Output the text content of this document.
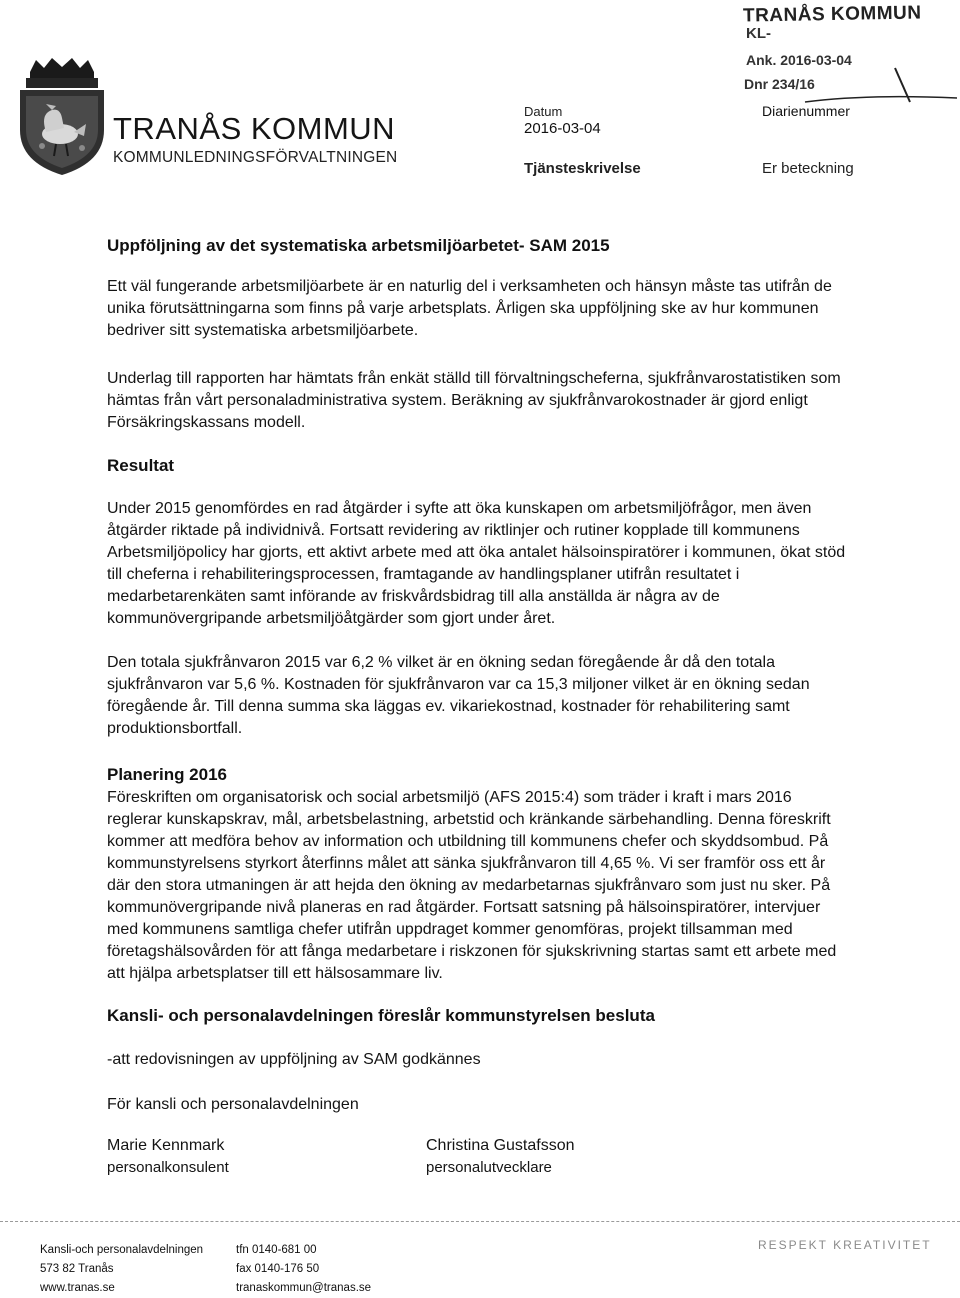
TRANÅS KOMMUN
KOMMUNLEDNINGSFÖRVALTNINGEN
Datum
2016-03-04
Tjänsteskrivelse
TRANÅS KOMMUN
KL-
Ank. 2016-03-04
Dnr 234/16
Diarienummer
Er beteckning
Uppföljning av det systematiska arbetsmiljöarbetet- SAM 2015
Ett väl fungerande arbetsmiljöarbete är en naturlig del i verksamheten och hänsyn måste tas utifrån de unika förutsättningarna som finns på varje arbetsplats. Årligen ska uppföljning ske av hur kommunen bedriver sitt systematiska arbetsmiljöarbete.
Underlag till rapporten har hämtats från enkät ställd till förvaltningscheferna, sjukfrånvarostatistiken som hämtas från vårt personaladministrativa system. Beräkning av sjukfrånvarokostnader är gjord enligt Försäkringskassans modell.
Resultat
Under 2015 genomfördes en rad åtgärder i syfte att öka kunskapen om arbetsmiljöfrågor, men även åtgärder riktade på individnivå. Fortsatt revidering av riktlinjer och rutiner kopplade till kommunens Arbetsmiljöpolicy har gjorts, ett aktivt arbete med att öka antalet hälsoinspiratörer i kommunen, ökat stöd till cheferna i rehabiliteringsprocessen, framtagande av handlingsplaner utifrån resultatet i medarbetarenkäten samt införande av friskvårdsbidrag till alla anställda är några av de kommunövergripande arbetsmiljöåtgärder som gjort under året.
Den totala sjukfrånvaron 2015 var 6,2 % vilket är en ökning sedan föregående år då den totala sjukfrånvaron var 5,6 %. Kostnaden för sjukfrånvaron var ca 15,3 miljoner vilket är en ökning sedan föregående år. Till denna summa ska läggas ev. vikariekostnad, kostnader för rehabilitering samt produktionsbortfall.
Planering 2016
Föreskriften om organisatorisk och social arbetsmiljö (AFS 2015:4) som träder i kraft i mars 2016 reglerar kunskapskrav, mål, arbetsbelastning, arbetstid och kränkande särbehandling. Denna föreskrift kommer att medföra behov av information och utbildning till kommunens chefer och skyddsombud. På kommunstyrelsens styrkort återfinns målet att sänka sjukfrånvaron till 4,65 %. Vi ser framför oss ett år där den stora utmaningen är att hejda den ökning av medarbetarnas sjukfrånvaro som just nu sker. På kommunövergripande nivå planeras en rad åtgärder. Fortsatt satsning på hälsoinspiratörer, intervjuer med kommunens samtliga chefer utifrån uppdraget kommer genomföras, projekt tillsamman med företagshälsovården för att fånga medarbetare i riskzonen för sjukskrivning startas samt ett arbete med att hjälpa arbetsplatser till ett hälsosammare liv.
Kansli- och personalavdelningen föreslår kommunstyrelsen besluta
-att redovisningen av uppföljning av SAM godkännes
För kansli och personalavdelningen
Marie Kennmark
personalkonsulent
Christina Gustafsson
personalutvecklare
Kansli-och personalavdelningen
573 82 Tranås
www.tranas.se
tfn 0140-681 00
fax 0140-176 50
tranaskommun@tranas.se
RESPEKT KREATIVITET
